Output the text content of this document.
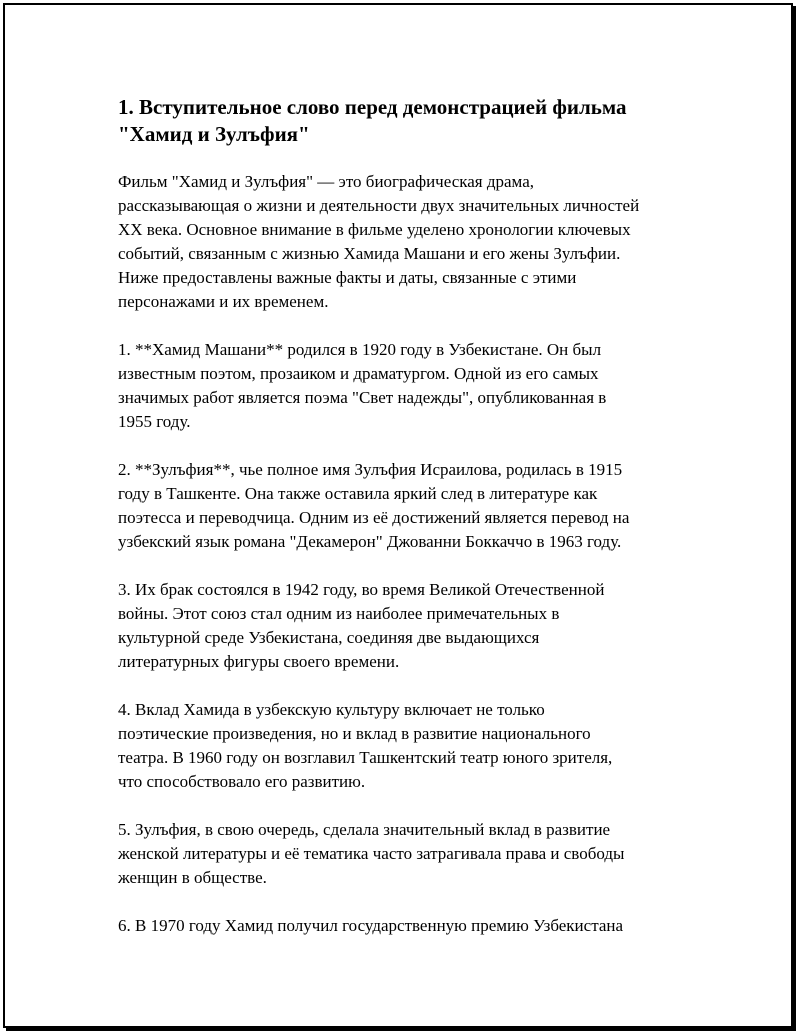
1. Вступительное слово перед демонстрацией фильма
"Хамид и Зулъфия"
Фильм "Хамид и Зулъфия" — это биографическая драма,
рассказывающая о жизни и деятельности двух значительных личностей
XX века. Основное внимание в фильме уделено хронологии ключевых
событий, связанным с жизнью Хамида Машани и его жены Зулъфии.
Ниже предоставлены важные факты и даты, связанные с этими
персонажами и их временем.
1. **Хамид Машани** родился в 1920 году в Узбекистане. Он был
известным поэтом, прозаиком и драматургом. Одной из его самых
значимых работ является поэма "Свет надежды", опубликованная в
1955 году.
2. **Зулъфия**, чье полное имя Зулъфия Исраилова, родилась в 1915
году в Ташкенте. Она также оставила яркий след в литературе как
поэтесса и переводчица. Одним из её достижений является перевод на
узбекский язык романа "Декамерон" Джованни Боккаччо в 1963 году.
3. Их брак состоялся в 1942 году, во время Великой Отечественной
войны. Этот союз стал одним из наиболее примечательных в
культурной среде Узбекистана, соединяя две выдающихся
литературных фигуры своего времени.
4. Вклад Хамида в узбекскую культуру включает не только
поэтические произведения, но и вклад в развитие национального
театра. В 1960 году он возглавил Ташкентский театр юного зрителя,
что способствовало его развитию.
5. Зулъфия, в свою очередь, сделала значительный вклад в развитие
женской литературы и её тематика часто затрагивала права и свободы
женщин в обществе.
6. В 1970 году Хамид получил государственную премию Узбекистана
